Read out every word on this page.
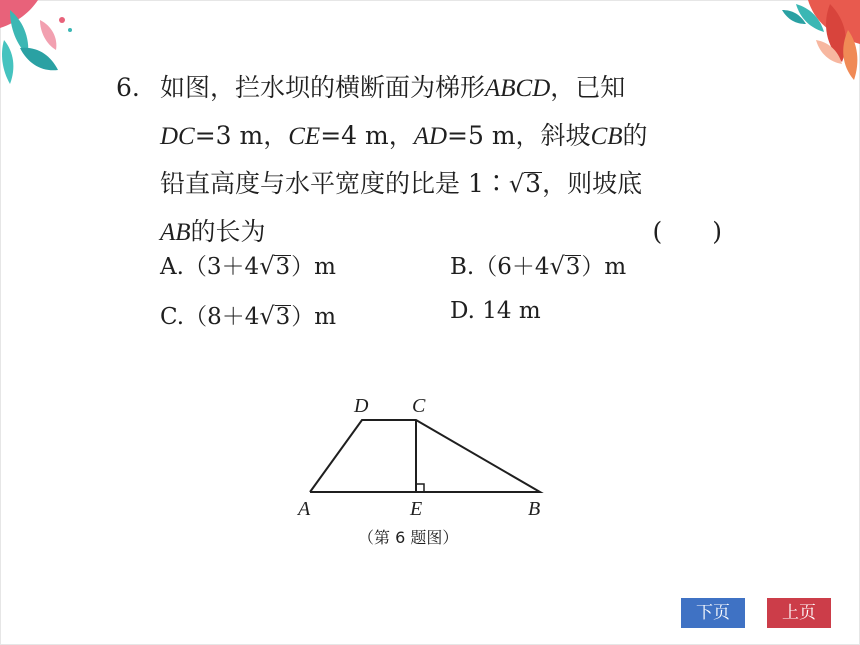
6. 如图，拦水坝的横断面为梯形ABCD，已知
DC=3 m，CE=4 m，AD=5 m，斜坡CB的
铅直高度与水平宽度的比是 1∶√3，则坡底
AB的长为	(　　)
A.（3＋4√3）m	B.（6＋4√3）m
C.（8＋4√3）m	D. 14 m
D C
A	E	B
（第 6 题图）
下页	上页
